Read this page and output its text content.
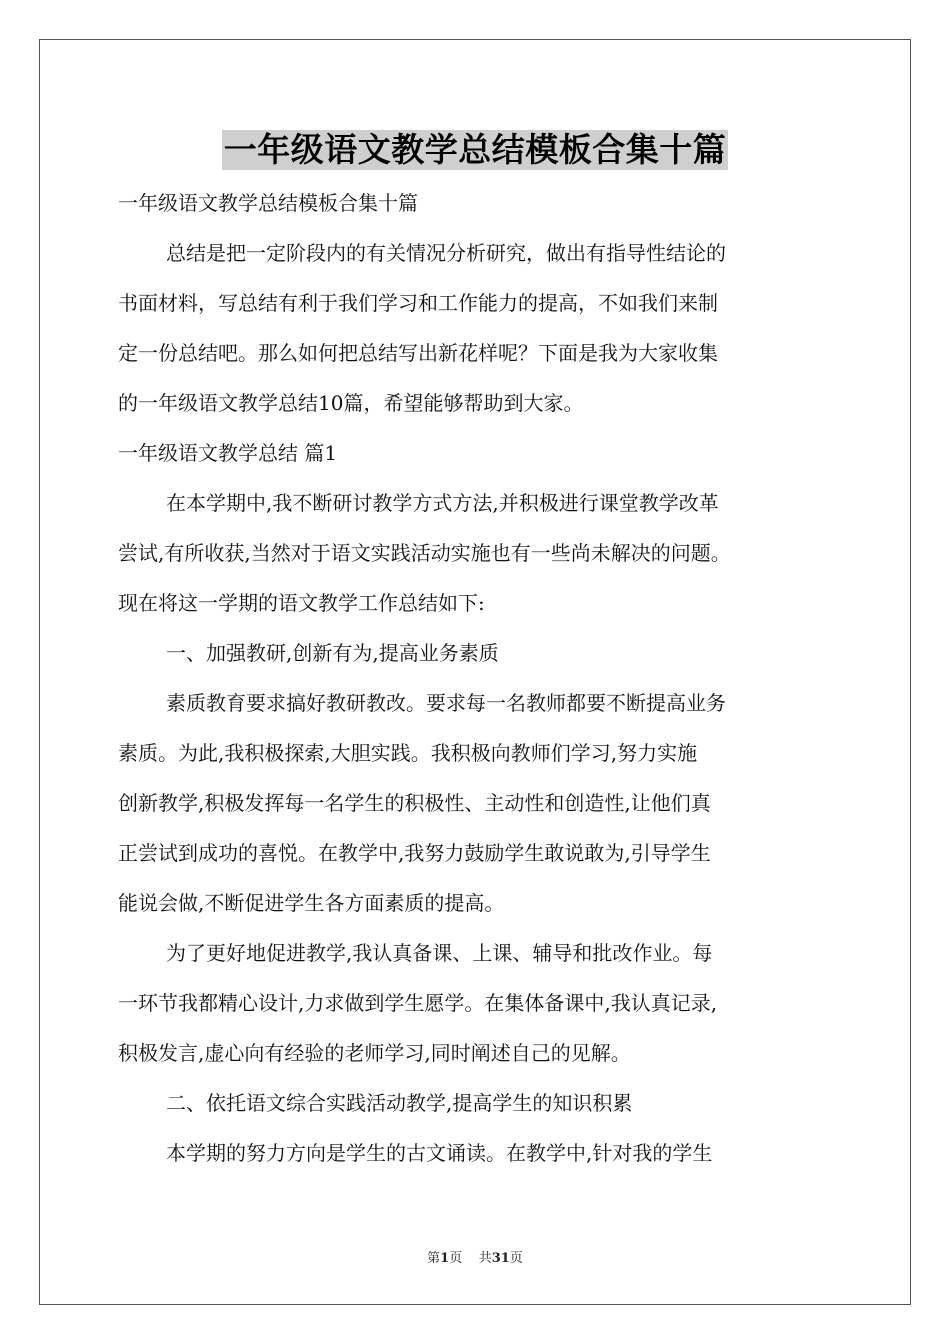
一年级语文教学总结模板合集十篇
一年级语文教学总结模板合集十篇
总结是把一定阶段内的有关情况分析研究，做出有指导性结论的
书面材料，写总结有利于我们学习和工作能力的提高，不如我们来制
定一份总结吧。那么如何把总结写出新花样呢？下面是我为大家收集
的一年级语文教学总结10篇，希望能够帮助到大家。
一年级语文教学总结 篇1
在本学期中,我不断研讨教学方式方法,并积极进行课堂教学改革
尝试,有所收获,当然对于语文实践活动实施也有一些尚未解决的问题。
现在将这一学期的语文教学工作总结如下:
一、加强教研,创新有为,提高业务素质
素质教育要求搞好教研教改。要求每一名教师都要不断提高业务
素质。为此,我积极探索,大胆实践。我积极向教师们学习,努力实施
创新教学,积极发挥每一名学生的积极性、主动性和创造性,让他们真
正尝试到成功的喜悦。在教学中,我努力鼓励学生敢说敢为,引导学生
能说会做,不断促进学生各方面素质的提高。
为了更好地促进教学,我认真备课、上课、辅导和批改作业。每
一环节我都精心设计,力求做到学生愿学。在集体备课中,我认真记录,
积极发言,虚心向有经验的老师学习,同时阐述自己的见解。
二、依托语文综合实践活动教学,提高学生的知识积累
本学期的努力方向是学生的古文诵读。在教学中,针对我的学生
第1页    共31页
